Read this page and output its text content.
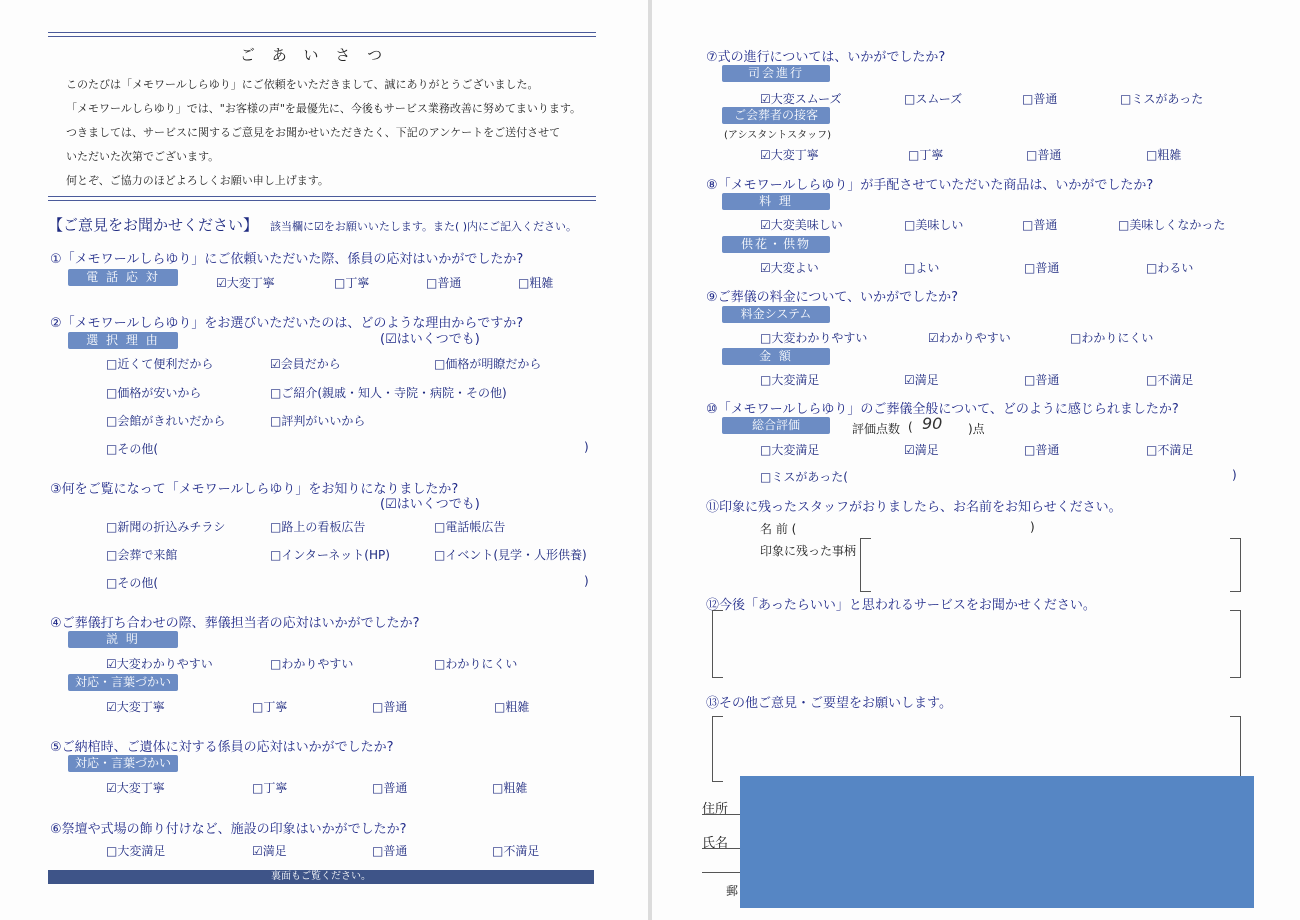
ご あ い さ つ
このたびは「メモワールしらゆり」にご依頼をいただきまして、誠にありがとうございました。
「メモワールしらゆり」では、"お客様の声"を最優先に、今後もサービス業務改善に努めてまいります。
つきましては、サービスに関するご意見をお聞かせいただきたく、下記のアンケートをご送付させて
いただいた次第でございます。
何とぞ、ご協力のほどよろしくお願い申し上げます。
【ご意見をお聞かせください】 該当欄に☑をお願いいたします。また( )内にご記入ください。
①「メモワールしらゆり」にご依頼いただいた際、係員の応対はいかがでしたか?
電 話 応 対	☑大変丁寧	□丁寧	□普通	□粗雑
②「メモワールしらゆり」をお選びいただいたのは、どのような理由からですか?
(☑はいくつでも)
選 択 理 由
□近くて便利だから	☑会員だから	□価格が明瞭だから
□価格が安いから	□ご紹介(親戚・知人・寺院・病院・その他)
□会館がきれいだから	□評判がいいから
□その他(	)
③何をご覧になって「メモワールしらゆり」をお知りになりましたか?
(☑はいくつでも)
□新聞の折込みチラシ	□路上の看板広告	□電話帳広告
□会葬で来館	□インターネット(HP)	□イベント(見学・人形供養)
□その他(	)
④ご葬儀打ち合わせの際、葬儀担当者の応対はいかがでしたか?
説 明
☑大変わかりやすい	□わかりやすい	□わかりにくい
対応・言葉づかい
☑大変丁寧	□丁寧	□普通	□粗雑
⑤ご納棺時、ご遺体に対する係員の応対はいかがでしたか?
対応・言葉づかい
☑大変丁寧	□丁寧	□普通	□粗雑
⑥祭壇や式場の飾り付けなど、施設の印象はいかがでしたか?
□大変満足	☑満足	□普通	□不満足
裏面もご覧ください。
⑦式の進行については、いかがでしたか?
司会進行
☑大変スムーズ	□スムーズ	□普通	□ミスがあった
ご会葬者の接客
(アシスタントスタッフ)
☑大変丁寧	□丁寧	□普通	□粗雑
⑧「メモワールしらゆり」が手配させていただいた商品は、いかがでしたか?
料 理
☑大変美味しい	□美味しい	□普通	□美味しくなかった
供花・供物
☑大変よい	□よい	□普通	□わるい
⑨ご葬儀の料金について、いかがでしたか?
料金システム
□大変わかりやすい	☑わかりやすい	□わかりにくい
金 額
□大変満足	☑満足	□普通	□不満足
⑩「メモワールしらゆり」のご葬儀全般について、どのように感じられましたか?
総合評価	評価点数 ( 90 )点
□大変満足	☑満足	□普通	□不満足
□ミスがあった(	)
⑪印象に残ったスタッフがおりましたら、お名前をお知らせください。
名 前 (	)
印象に残った事柄
⑫今後「あったらいい」と思われるサービスをお聞かせください。
⑬その他ご意見・ご要望をお願いします。
住所
氏名
郵
